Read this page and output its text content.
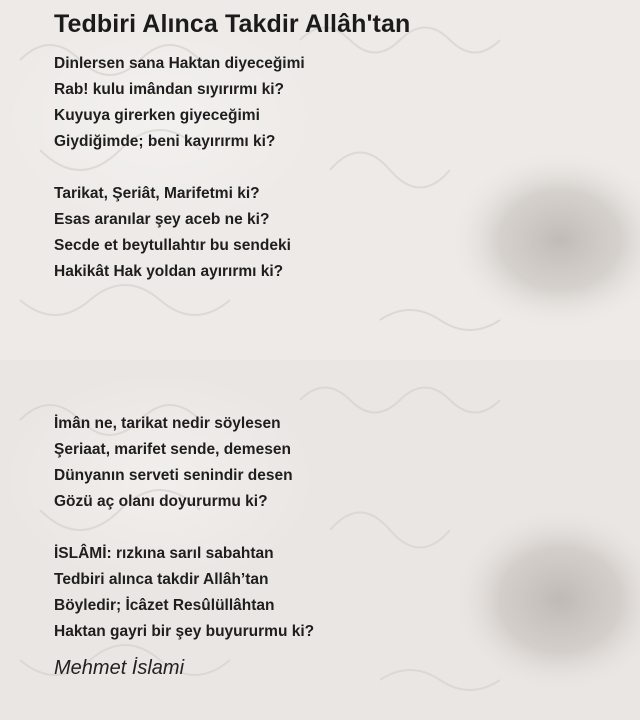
Tedbiri Alınca Takdir Allâh'tan
Dinlersen sana Haktan diyeceğimi
Rab! kulu imândan sıyırırmı ki?
Kuyuya girerken giyeceğimi
Giydiğimde; beni kayırırmı ki?
Tarikat, Şeriât, Marifetmi ki?
Esas aranılar şey aceb ne ki?
Secde et beytullahtır bu sendeki
Hakikât Hak yoldan ayırırmı ki?
İmân ne, tarikat nedir söylesen
Şeriaat, marifet sende, demesen
Dünyanın serveti senindir desen
Gözü aç olanı doyururmu ki?
İSLÂMİ: rızkına sarıl sabahtan
Tedbiri alınca takdir Allâh’tan
Böyledir; İcâzet Resûlüllâhtan
Haktan gayri bir şey buyururmu ki?

Mehmet İslami
